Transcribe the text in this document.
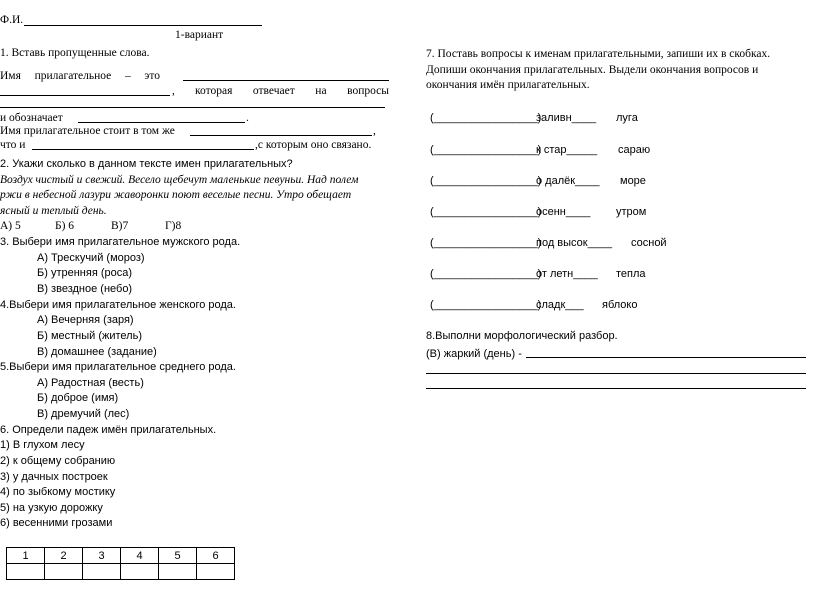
Ф.И.
1-вариант
1. Вставь пропущенные слова.
Имя прилагательное – это
, которая отвечает на вопросы
и обозначает	.
Имя прилагательное стоит в том же	,
что и	,с которым оно связано.
2. Укажи сколько в данном тексте имен прилагательных?
Воздух чистый и свежий. Весело щебечут маленькие певуньи. Над полем
ржи в небесной лазури жаворонки поют веселые песни. Утро обещает
ясный и теплый день.
А) 5	Б) 6	В)7	Г)8
3. Выбери имя прилагательное мужского рода.
А) Трескучий (мороз)
Б) утренняя (роса)
В) звездное (небо)
4.Выбери имя прилагательное женского рода.
А) Вечерняя (заря)
Б) местный (житель)
В) домашнее (задание)
5.Выбери имя прилагательное среднего рода.
А) Радостная (весть)
Б) доброе (имя)
В) дремучий (лес)
6. Определи падеж имён прилагательных.
1) В глухом лесу
2) к общему собранию
3) у дачных построек
4) по зыбкому мостику
5) на узкую дорожку
6) весенними грозами
1	2	3	4	5	6

7. Поставь вопросы к именам прилагательными, запиши их в скобках.
Допиши окончания прилагательных. Выдели окончания вопросов и
окончания имён прилагательных.
(_________________)
заливн____ луга
(_________________)
к стар_____ сараю
(_________________)
о далёк____ море
(_________________)
осенн____ утром
(_________________)
под высок____ сосной
(_________________)
от летн____ тепла
(_________________)
сладк___ яблоко
8.Выполни морфологический разбор.
(В) жаркий (день) -
